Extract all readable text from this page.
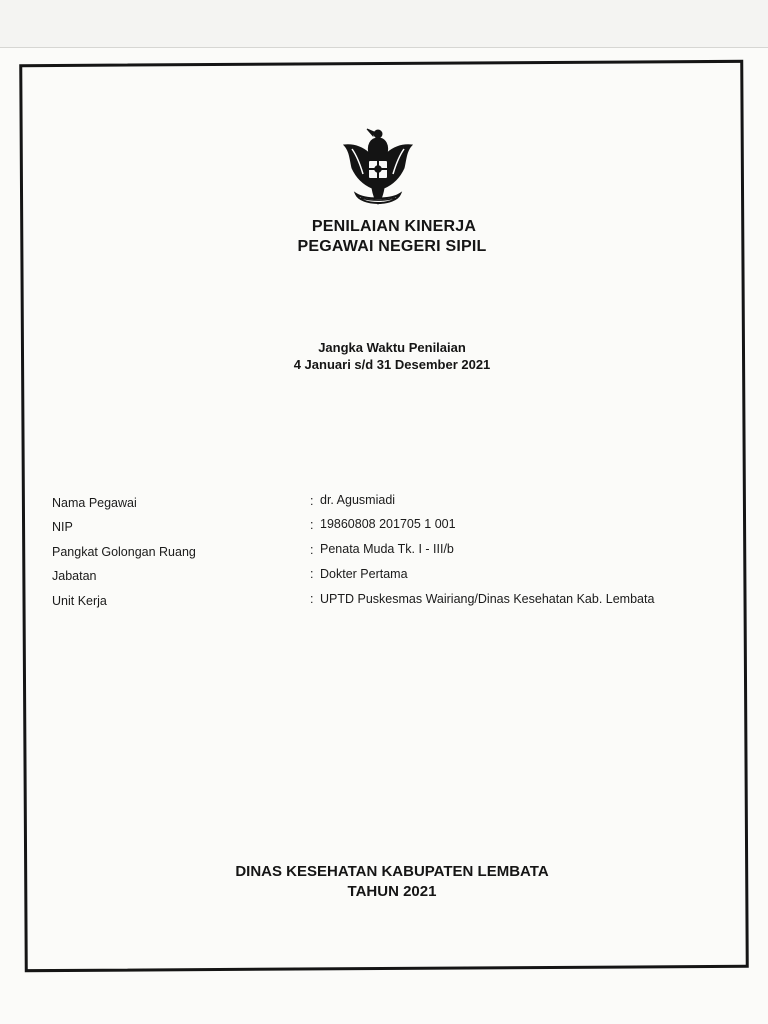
PENILAIAN KINERJA
PEGAWAI NEGERI SIPIL
Jangka Waktu Penilaian
4 Januari s/d 31 Desember 2021
Nama Pegawai	: dr. Agusmiadi
NIP	: 19860808 201705 1 001
Pangkat Golongan Ruang	: Penata Muda Tk. I - III/b
Jabatan	: Dokter Pertama
Unit Kerja	: UPTD Puskesmas Wairiang/Dinas Kesehatan Kab. Lembata
DINAS KESEHATAN KABUPATEN LEMBATA
TAHUN 2021
